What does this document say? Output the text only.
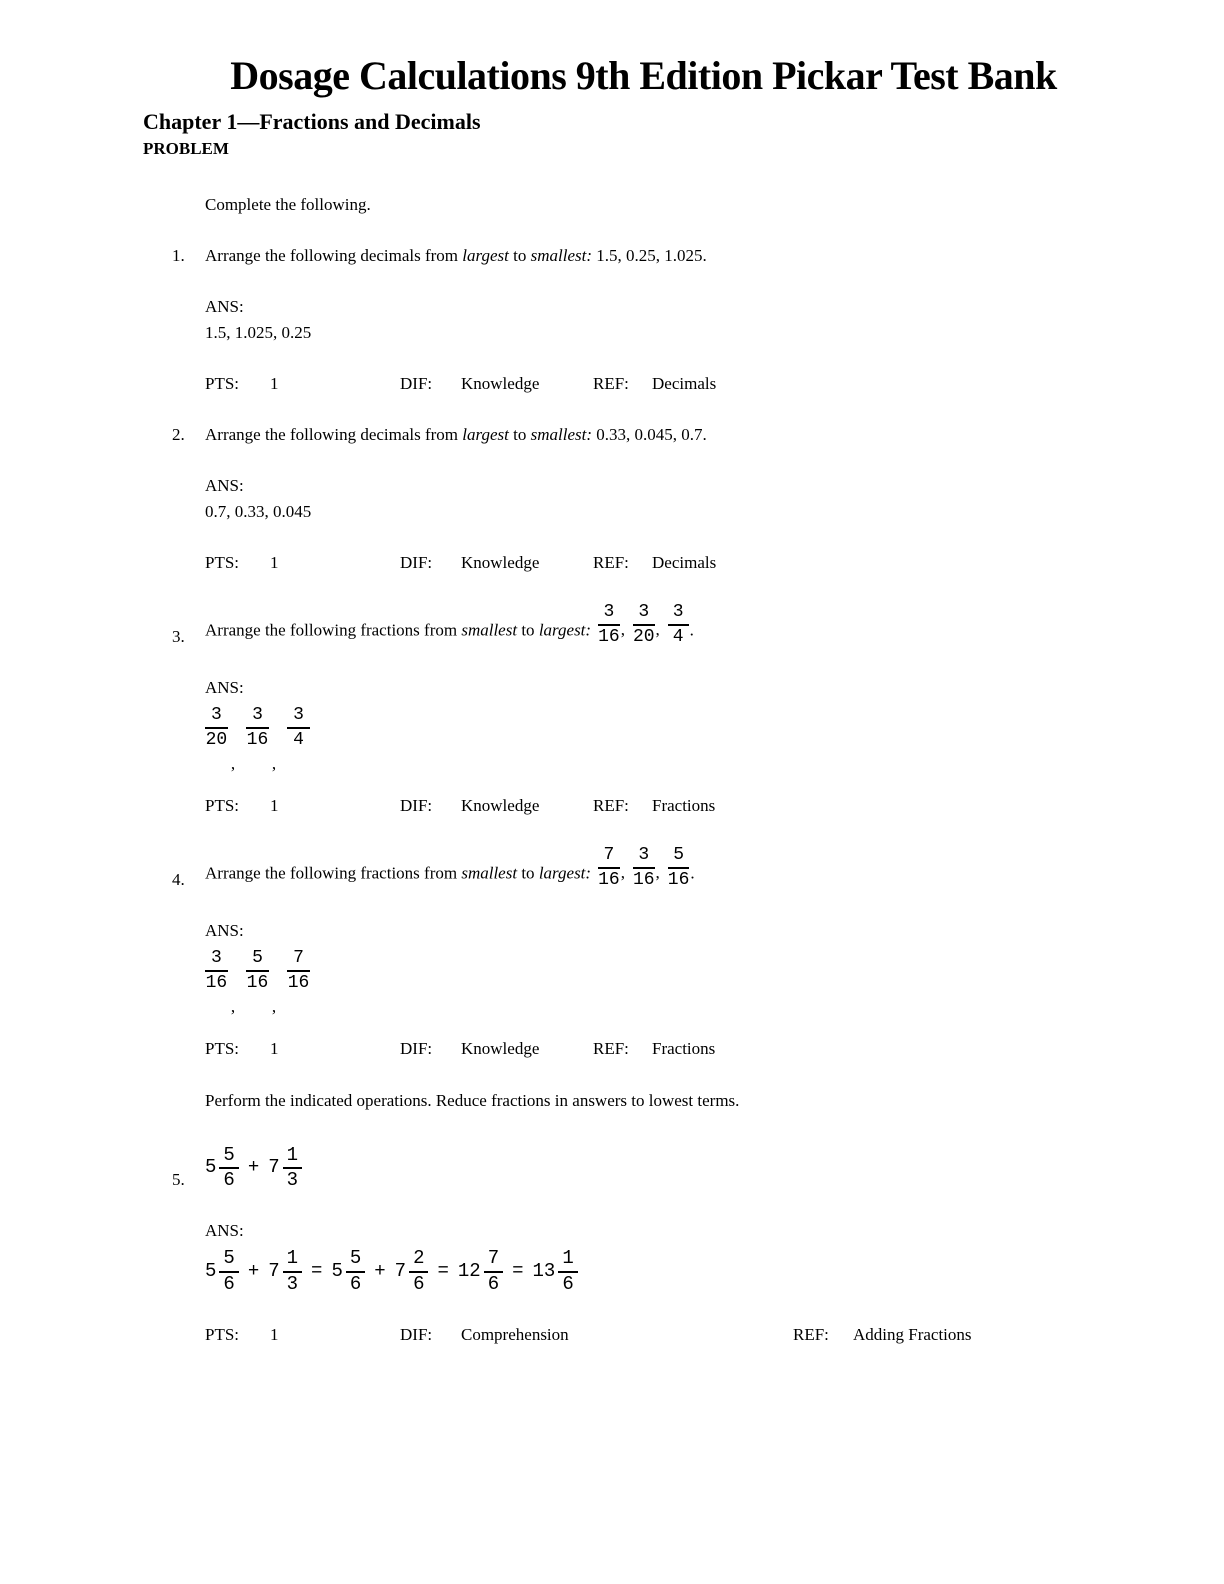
Dosage Calculations 9th Edition Pickar Test Bank
Chapter 1—Fractions and Decimals
PROBLEM

Complete the following.

1. Arrange the following decimals from largest to smallest: 1.5, 0.25, 1.025.

ANS:
1.5, 1.025, 0.25
PTS: 1	DIF: Knowledge	REF: Decimals
2. Arrange the following decimals from largest to smallest: 0.33, 0.045, 0.7.

ANS:
0.7, 0.33, 0.045
PTS: 1	DIF: Knowledge	REF: Decimals
3. Arrange the following fractions from smallest to largest: $\frac{3}{16}$ , $\frac{3}{20}$ , $\frac{3}{4}$ .

ANS:
$\frac{3}{20}$
,
$\frac{3}{16}$
,
$\frac{3}{4}$
PTS: 1	DIF: Knowledge	REF: Fractions
4. Arrange the following fractions from smallest to largest: $\frac{7}{16}$ , $\frac{3}{16}$ , $\frac{5}{16}$ .

ANS:
$\frac{3}{16}$
,
$\frac{5}{16}$
,
$\frac{7}{16}$
PTS: 1	DIF: Knowledge	REF: Fractions

Perform the indicated operations. Reduce fractions in answers to lowest terms.

5.
$5 \frac{5}{6} + 7 \frac{1}{3}$
ANS:
$5 \frac{5}{6} + 7 \frac{1}{3} = 5 \frac{5}{6} + 7 \frac{2}{6} = 12 \frac{7}{6} = 13 \frac{1}{6}$
PTS: 1	DIF: Comprehension	REF: Adding Fractions
